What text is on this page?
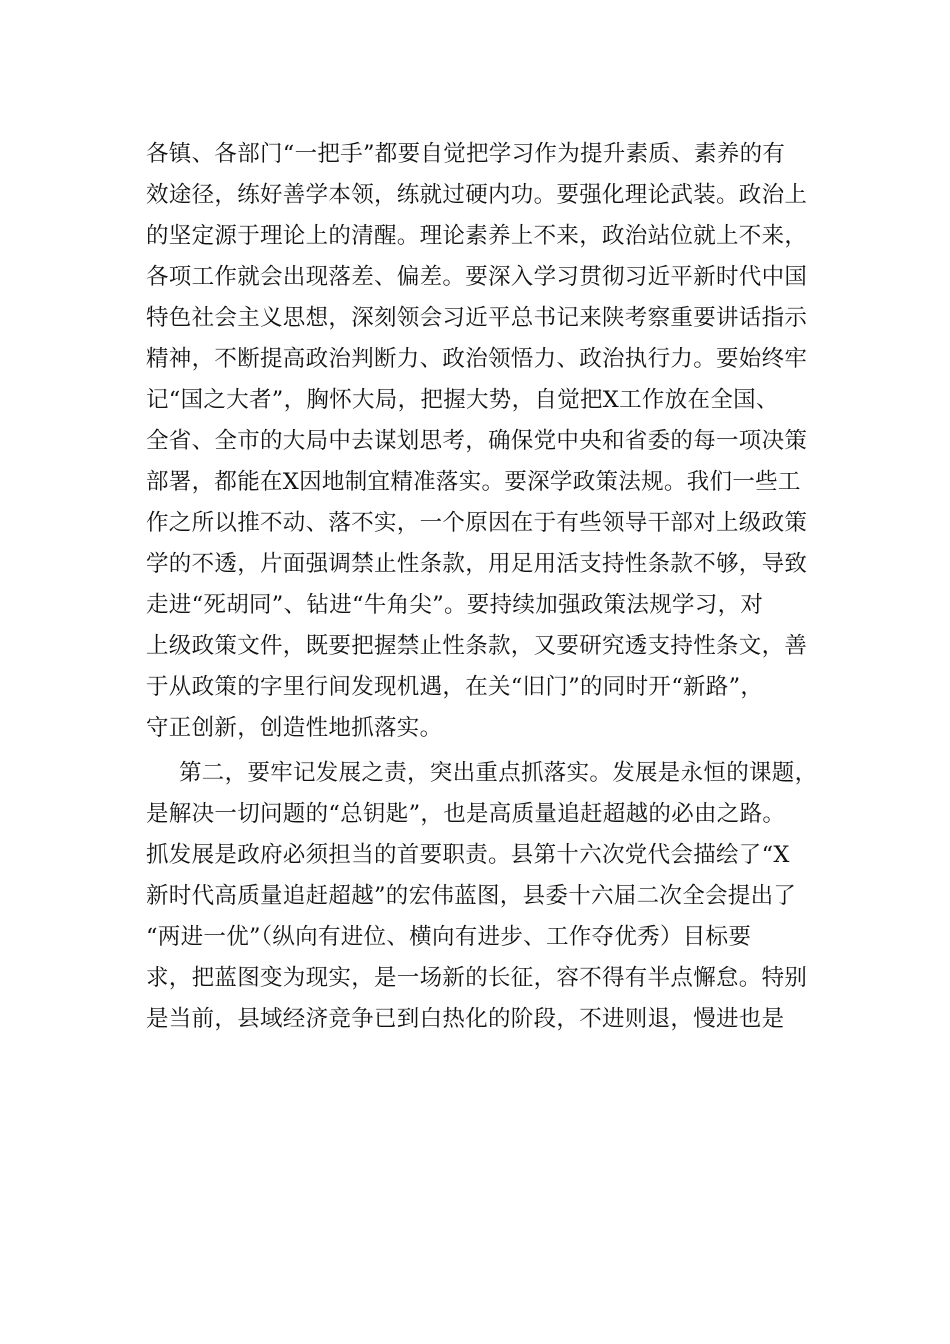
各镇、各部门“一把手”都要自觉把学习作为提升素质、素养的有
效途径，练好善学本领，练就过硬内功。要强化理论武装。政治上
的坚定源于理论上的清醒。理论素养上不来，政治站位就上不来，
各项工作就会出现落差、偏差。要深入学习贯彻习近平新时代中国
特色社会主义思想，深刻领会习近平总书记来陕考察重要讲话指示
精神，不断提高政治判断力、政治领悟力、政治执行力。要始终牢
记“国之大者”，胸怀大局，把握大势，自觉把X工作放在全国、
全省、全市的大局中去谋划思考，确保党中央和省委的每一项决策
部署，都能在X因地制宜精准落实。要深学政策法规。我们一些工
作之所以推不动、落不实，一个原因在于有些领导干部对上级政策
学的不透，片面强调禁止性条款，用足用活支持性条款不够，导致
走进“死胡同”、钻进“牛角尖”。要持续加强政策法规学习，对
上级政策文件，既要把握禁止性条款，又要研究透支持性条文，善
于从政策的字里行间发现机遇，在关“旧门”的同时开“新路”，
守正创新，创造性地抓落实。
第二，要牢记发展之责，突出重点抓落实。发展是永恒的课题，
是解决一切问题的“总钥匙”，也是高质量追赶超越的必由之路。
抓发展是政府必须担当的首要职责。县第十六次党代会描绘了“X
新时代高质量追赶超越”的宏伟蓝图，县委十六届二次全会提出了
“两进一优”（纵向有进位、横向有进步、工作夺优秀）目标要
求，把蓝图变为现实，是一场新的长征，容不得有半点懈怠。特别
是当前，县域经济竞争已到白热化的阶段，不进则退，慢进也是
